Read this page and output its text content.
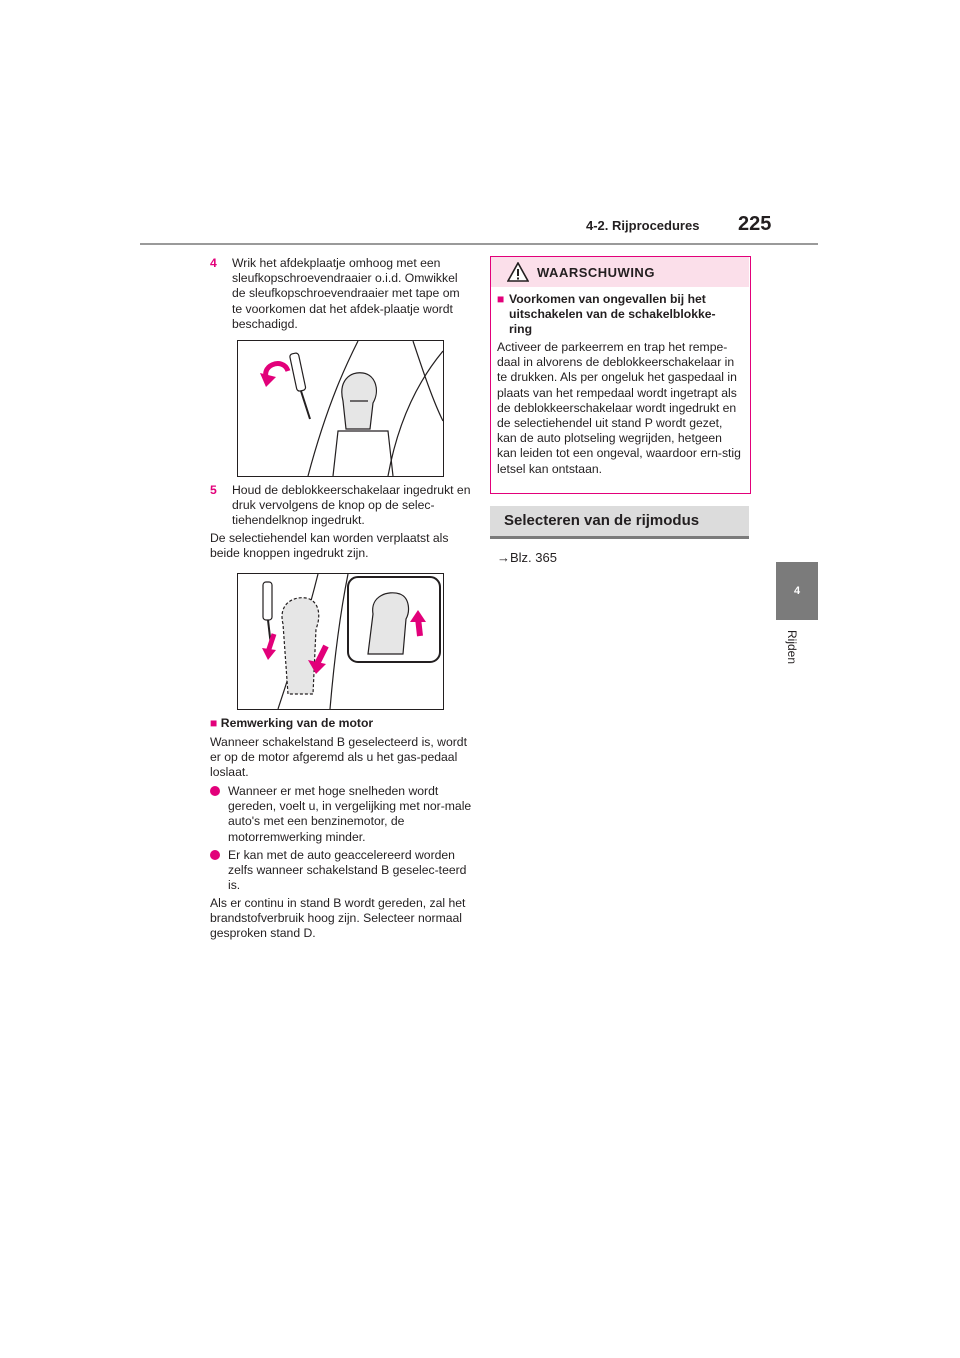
4-2. Rijprocedures 225
4
Rijden
4 Wrik het afdekplaatje omhoog met een sleufkopschroevendraaier o.i.d. Omwikkel de sleufkopschroevendraaier met tape om te voorkomen dat het afdek-plaatje wordt beschadigd.
5 Houd de deblokkeerschakelaar ingedrukt en druk vervolgens de knop op de selec-tiehendelknop ingedrukt.
De selectiehendel kan worden verplaatst als beide knoppen ingedrukt zijn.
■ Remwerking van de motor
Wanneer schakelstand B geselecteerd is, wordt er op de motor afgeremd als u het gas-pedaal loslaat.
Wanneer er met hoge snelheden wordt gereden, voelt u, in vergelijking met nor-male auto's met een benzinemotor, de motorremwerking minder.
Er kan met de auto geaccelereerd worden zelfs wanneer schakelstand B geselec-teerd is.
Als er continu in stand B wordt gereden, zal het brandstofverbruik hoog zijn. Selecteer normaal gesproken stand D.
WAARSCHUWING
■ Voorkomen van ongevallen bij het uitschakelen van de schakelblokke-ring
Activeer de parkeerrem en trap het rempe-daal in alvorens de deblokkeerschakelaar in te drukken. Als per ongeluk het gaspedaal in plaats van het rempedaal wordt ingetrapt als de deblokkeerschakelaar wordt ingedrukt en de selectiehendel uit stand P wordt gezet, kan de auto plotseling wegrijden, hetgeen kan leiden tot een ongeval, waardoor ern-stig letsel kan ontstaan.
Selecteren van de rijmodus
→Blz. 365
